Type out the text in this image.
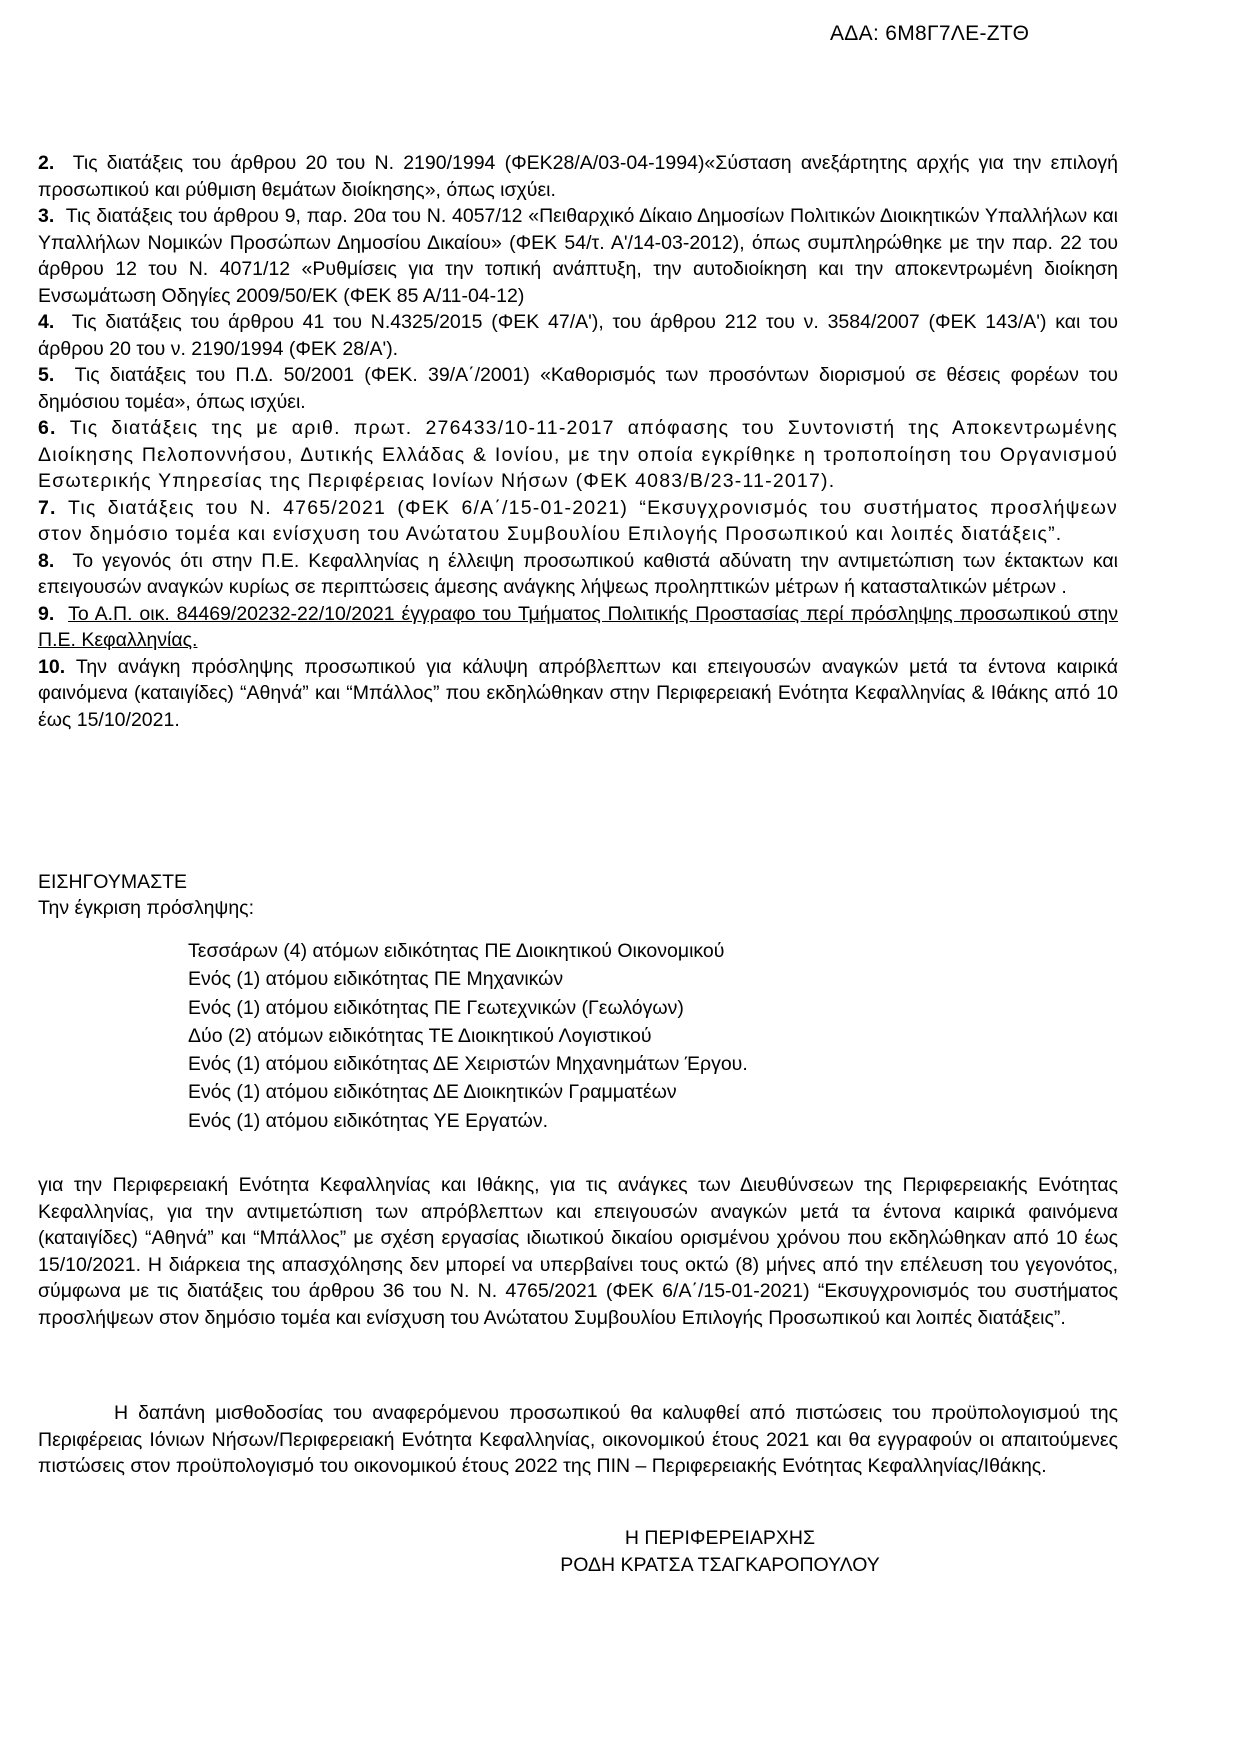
ΑΔΑ: 6Μ8Γ7ΛΕ-ΖΤΘ

2. Τις διατάξεις του άρθρου 20 του Ν. 2190/1994 (ΦΕΚ28/Α/03-04-1994)«Σύσταση ανεξάρτητης αρχής για την επιλογή προσωπικού και ρύθμιση θεμάτων διοίκησης», όπως ισχύει.

3. Τις διατάξεις του άρθρου 9, παρ. 20α του Ν. 4057/12 «Πειθαρχικό Δίκαιο Δημοσίων Πολιτικών Διοικητικών Υπαλλήλων και Υπαλλήλων Νομικών Προσώπων Δημοσίου Δικαίου» (ΦΕΚ 54/τ. Α'/14-03-2012), όπως συμπληρώθηκε με την παρ. 22 του άρθρου 12 του Ν. 4071/12 «Ρυθμίσεις για την τοπική ανάπτυξη, την αυτοδιοίκηση και την αποκεντρωμένη διοίκηση Ενσωμάτωση Οδηγίες 2009/50/ΕΚ (ΦΕΚ 85 Α/11-04-12)

4. Τις διατάξεις του άρθρου 41 του Ν.4325/2015 (ΦΕΚ 47/Α'), του άρθρου 212 του ν. 3584/2007 (ΦΕΚ 143/Α') και του άρθρου 20 του ν. 2190/1994 (ΦΕΚ 28/Α').

5. Τις διατάξεις του Π.Δ. 50/2001 (ΦΕΚ. 39/Α΄/2001) «Καθορισμός των προσόντων διορισμού σε θέσεις φορέων του δημόσιου τομέα», όπως ισχύει.

6. Τις διατάξεις της με αριθ. πρωτ. 276433/10-11-2017 απόφασης του Συντονιστή της Αποκεντρωμένης Διοίκησης Πελοποννήσου, Δυτικής Ελλάδας & Ιονίου, με την οποία εγκρίθηκε η τροποποίηση του Οργανισμού Εσωτερικής Υπηρεσίας της Περιφέρειας Ιονίων Νήσων (ΦΕΚ 4083/Β/23-11-2017).

7. Τις διατάξεις του Ν. 4765/2021 (ΦΕΚ 6/Α΄/15-01-2021) “Εκσυγχρονισμός του συστήματος προσλήψεων στον δημόσιο τομέα και ενίσχυση του Ανώτατου Συμβουλίου Επιλογής Προσωπικού και λοιπές διατάξεις”.

8. Το γεγονός ότι στην Π.Ε. Κεφαλληνίας η έλλειψη προσωπικού καθιστά αδύνατη την αντιμετώπιση των έκτακτων και επειγουσών αναγκών κυρίως σε περιπτώσεις άμεσης ανάγκης λήψεως προληπτικών μέτρων ή κατασταλτικών μέτρων .

9. Το Α.Π. οικ. 84469/20232-22/10/2021 έγγραφο του Τμήματος Πολιτικής Προστασίας περί πρόσληψης προσωπικού στην Π.Ε. Κεφαλληνίας.

10. Την ανάγκη πρόσληψης προσωπικού για κάλυψη απρόβλεπτων και επειγουσών αναγκών μετά τα έντονα καιρικά φαινόμενα (καταιγίδες) “Αθηνά” και “Μπάλλος” που εκδηλώθηκαν στην Περιφερειακή Ενότητα Κεφαλληνίας & Ιθάκης από 10 έως 15/10/2021.

ΕΙΣΗΓΟΥΜΑΣΤΕ
Την έγκριση πρόσληψης:
Τεσσάρων (4) ατόμων ειδικότητας ΠΕ Διοικητικού Οικονομικού
Ενός (1) ατόμου ειδικότητας ΠΕ Μηχανικών
Ενός (1) ατόμου ειδικότητας ΠΕ Γεωτεχνικών (Γεωλόγων)
Δύο (2) ατόμων ειδικότητας ΤΕ Διοικητικού Λογιστικού
Ενός (1) ατόμου ειδικότητας ΔΕ Χειριστών Μηχανημάτων Έργου.
Ενός (1) ατόμου ειδικότητας ΔΕ Διοικητικών Γραμματέων
Ενός (1) ατόμου ειδικότητας ΥΕ Εργατών.

για την Περιφερειακή Ενότητα Κεφαλληνίας και Ιθάκης, για τις ανάγκες των Διευθύνσεων της Περιφερειακής Ενότητας Κεφαλληνίας, για την αντιμετώπιση των απρόβλεπτων και επειγουσών αναγκών μετά τα έντονα καιρικά φαινόμενα (καταιγίδες) “Αθηνά” και “Μπάλλος” με σχέση εργασίας ιδιωτικού δικαίου ορισμένου χρόνου που εκδηλώθηκαν από 10 έως 15/10/2021. Η διάρκεια της απασχόλησης δεν μπορεί να υπερβαίνει τους οκτώ (8) μήνες από την επέλευση του γεγονότος, σύμφωνα με τις διατάξεις του άρθρου 36 του Ν. Ν. 4765/2021 (ΦΕΚ 6/Α΄/15-01-2021) “Εκσυγχρονισμός του συστήματος προσλήψεων στον δημόσιο τομέα και ενίσχυση του Ανώτατου Συμβουλίου Επιλογής Προσωπικού και λοιπές διατάξεις”.

Η δαπάνη μισθοδοσίας του αναφερόμενου προσωπικού θα καλυφθεί από πιστώσεις του προϋπολογισμού της Περιφέρειας Ιόνιων Νήσων/Περιφερειακή Ενότητα Κεφαλληνίας, οικονομικού έτους 2021 και θα εγγραφούν οι απαιτούμενες πιστώσεις στον προϋπολογισμό του οικονομικού έτους 2022 της ΠΙΝ – Περιφερειακής Ενότητας Κεφαλληνίας/Ιθάκης.

Η ΠΕΡΙΦΕΡΕΙΑΡΧΗΣ
ΡΟΔΗ ΚΡΑΤΣΑ ΤΣΑΓΚΑΡΟΠΟΥΛΟΥ
